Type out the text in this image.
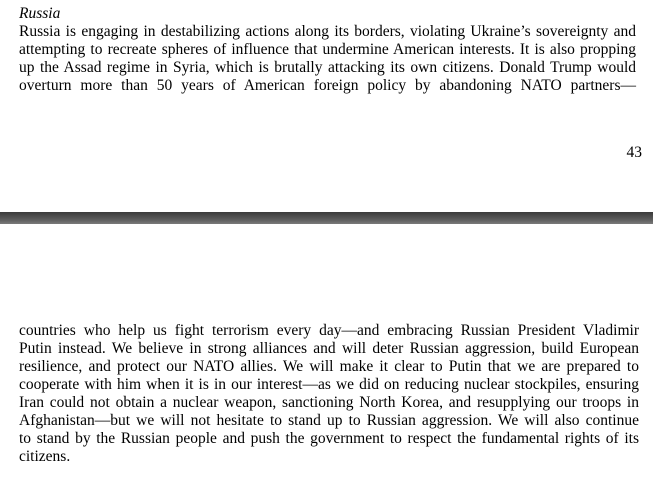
Russia

Russia is engaging in destabilizing actions along its borders, violating Ukraine’s sovereignty and
attempting to recreate spheres of influence that undermine American interests. It is also propping
up the Assad regime in Syria, which is brutally attacking its own citizens. Donald Trump would
overturn more than 50 years of American foreign policy by abandoning NATO partners—

43

countries who help us fight terrorism every day—and embracing Russian President Vladimir
Putin instead. We believe in strong alliances and will deter Russian aggression, build European
resilience, and protect our NATO allies. We will make it clear to Putin that we are prepared to
cooperate with him when it is in our interest—as we did on reducing nuclear stockpiles, ensuring
Iran could not obtain a nuclear weapon, sanctioning North Korea, and resupplying our troops in
Afghanistan—but we will not hesitate to stand up to Russian aggression. We will also continue
to stand by the Russian people and push the government to respect the fundamental rights of its
citizens.
